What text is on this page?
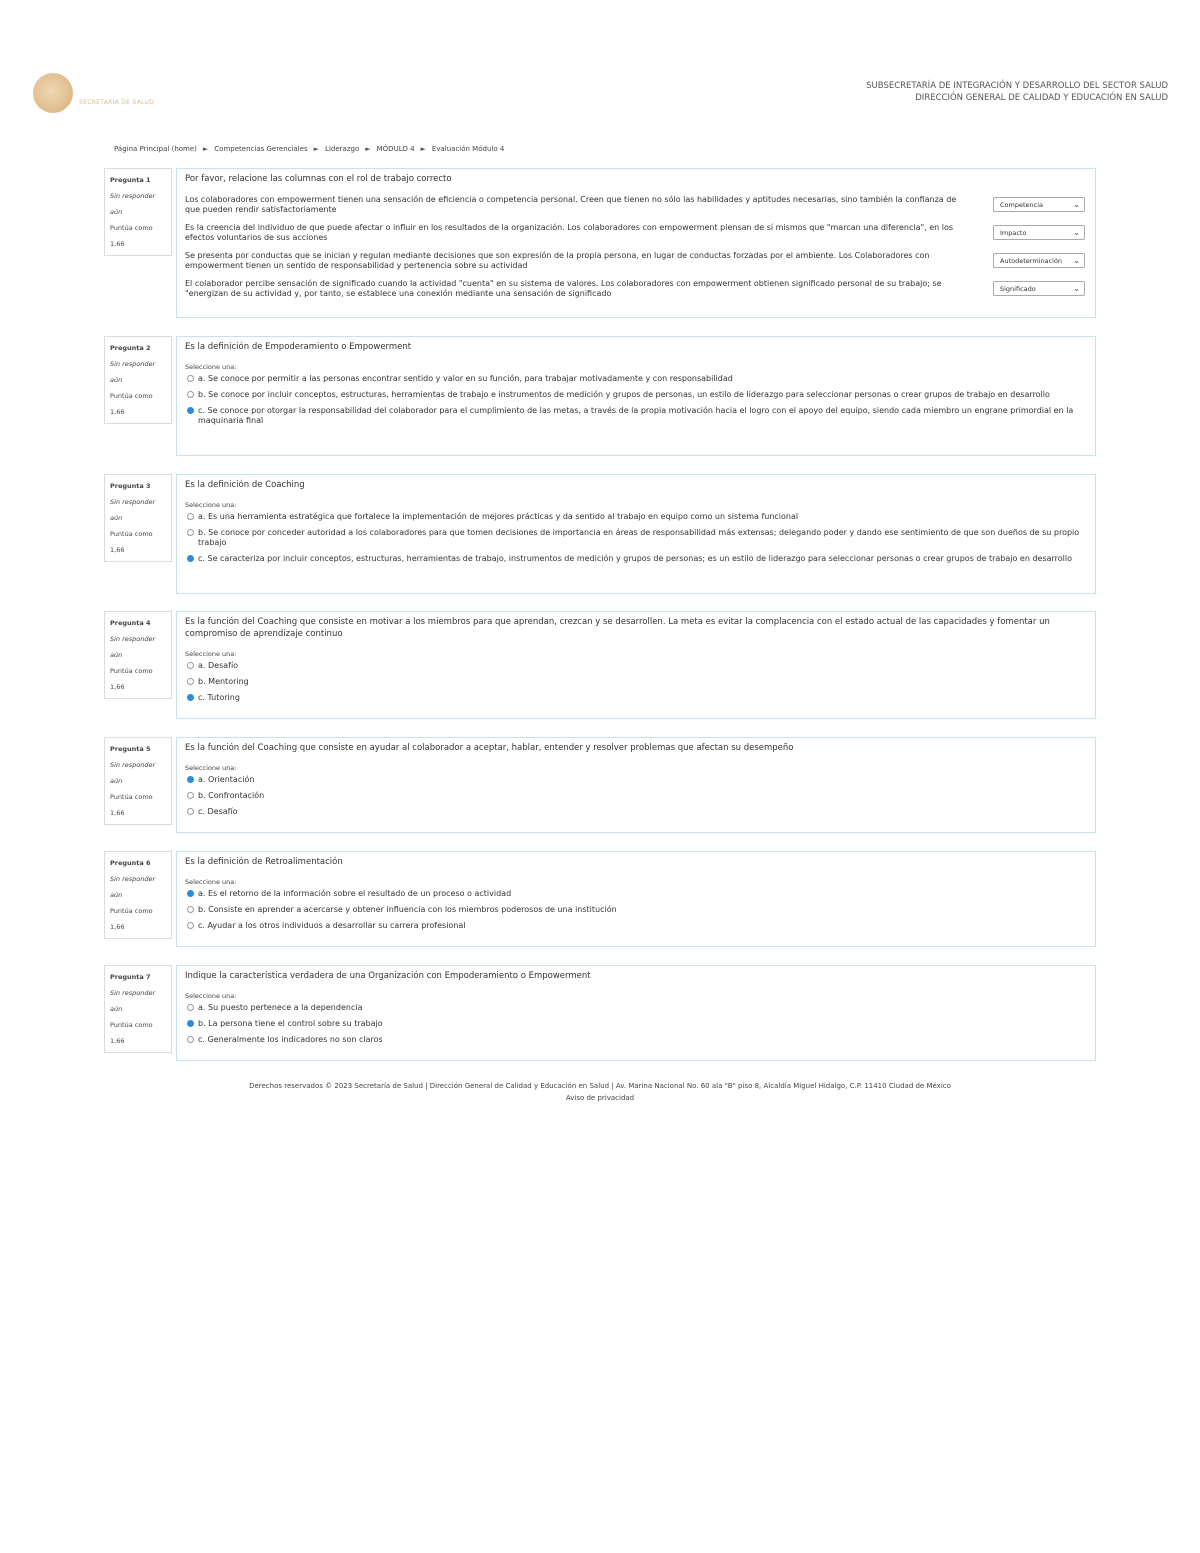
SECRETARÍA DE SALUD
SUBSECRETARÍA DE INTEGRACIÓN Y DESARROLLO DEL SECTOR SALUD
DIRECCIÓN GENERAL DE CALIDAD Y EDUCACIÓN EN SALUD
Página Principal (home) ► Competencias Gerenciales ► Liderazgo ► MÓDULO 4 ► Evaluación Módulo 4
Pregunta 1
Sin responder aún
Puntúa como 1,66
Por favor, relacione las columnas con el rol de trabajo correcto
Los colaboradores con empowerment tienen una sensación de eficiencia o competencia personal. Creen que tienen no sólo las habilidades y aptitudes necesarias, sino también la confianza de que pueden rendir satisfactoriamente
Competencia	⌄
Es la creencia del individuo de que puede afectar o influir en los resultados de la organización. Los colaboradores con empowerment piensan de sí mismos que "marcan una diferencia", en los efectos voluntarios de sus acciones
Impacto	⌄
Se presenta por conductas que se inician y regulan mediante decisiones que son expresión de la propia persona, en lugar de conductas forzadas por el ambiente. Los Colaboradores con empowerment tienen un sentido de responsabilidad y pertenencia sobre su actividad
Autodeterminación ⌄
El colaborador percibe sensación de significado cuando la actividad "cuenta" en su sistema de valores. Los colaboradores con empowerment obtienen significado personal de su trabajo; se "energizan de su actividad y, por tanto, se establece una conexión mediante una sensación de significado
Significado	⌄
Pregunta 2
Sin responder aún
Puntúa como 1,66
Es la definición de Empoderamiento o Empowerment
Seleccione una:
a. Se conoce por permitir a las personas encontrar sentido y valor en su función, para trabajar motivadamente y con responsabilidad
b. Se conoce por incluir conceptos, estructuras, herramientas de trabajo e instrumentos de medición y grupos de personas, un estilo de liderazgo para seleccionar personas o crear grupos de trabajo en desarrollo
c. Se conoce por otorgar la responsabilidad del colaborador para el cumplimiento de las metas, a través de la propia motivación hacia el logro con el apoyo del equipo, siendo cada miembro un engrane primordial en la maquinaria final
Pregunta 3
Sin responder aún
Puntúa como 1,66
Es la definición de Coaching
Seleccione una:
a. Es una herramienta estratégica que fortalece la implementación de mejores prácticas y da sentido al trabajo en equipo como un sistema funcional
b. Se conoce por conceder autoridad a los colaboradores para que tomen decisiones de importancia en áreas de responsabilidad más extensas; delegando poder y dando ese sentimiento de que son dueños de su propio trabajo
c. Se caracteriza por incluir conceptos, estructuras, herramientas de trabajo, instrumentos de medición y grupos de personas; es un estilo de liderazgo para seleccionar personas o crear grupos de trabajo en desarrollo
Pregunta 4
Sin responder aún
Puntúa como 1,66
Es la función del Coaching que consiste en motivar a los miembros para que aprendan, crezcan y se desarrollen. La meta es evitar la complacencia con el estado actual de las capacidades y fomentar un compromiso de aprendizaje continuo
Seleccione una:
a. Desafío
b. Mentoring
c. Tutoring
Pregunta 5
Sin responder aún
Puntúa como 1,66
Es la función del Coaching que consiste en ayudar al colaborador a aceptar, hablar, entender y resolver problemas que afectan su desempeño
Seleccione una:
a. Orientación
b. Confrontación
c. Desafío
Pregunta 6
Sin responder aún
Puntúa como 1,66
Es la definición de Retroalimentación
Seleccione una:
a. Es el retorno de la información sobre el resultado de un proceso o actividad
b. Consiste en aprender a acercarse y obtener influencia con los miembros poderosos de una institución
c. Ayudar a los otros individuos a desarrollar su carrera profesional
Pregunta 7
Sin responder aún
Puntúa como 1,66
Indique la característica verdadera de una Organización con Empoderamiento o Empowerment
Seleccione una:
a. Su puesto pertenece a la dependencia
b. La persona tiene el control sobre su trabajo
c. Generalmente los indicadores no son claros
Derechos reservados © 2023 Secretaría de Salud | Dirección General de Calidad y Educación en Salud | Av. Marina Nacional No. 60 ala "B" piso 8, Alcaldía Miguel Hidalgo, C.P. 11410 Ciudad de México
Aviso de privacidad
